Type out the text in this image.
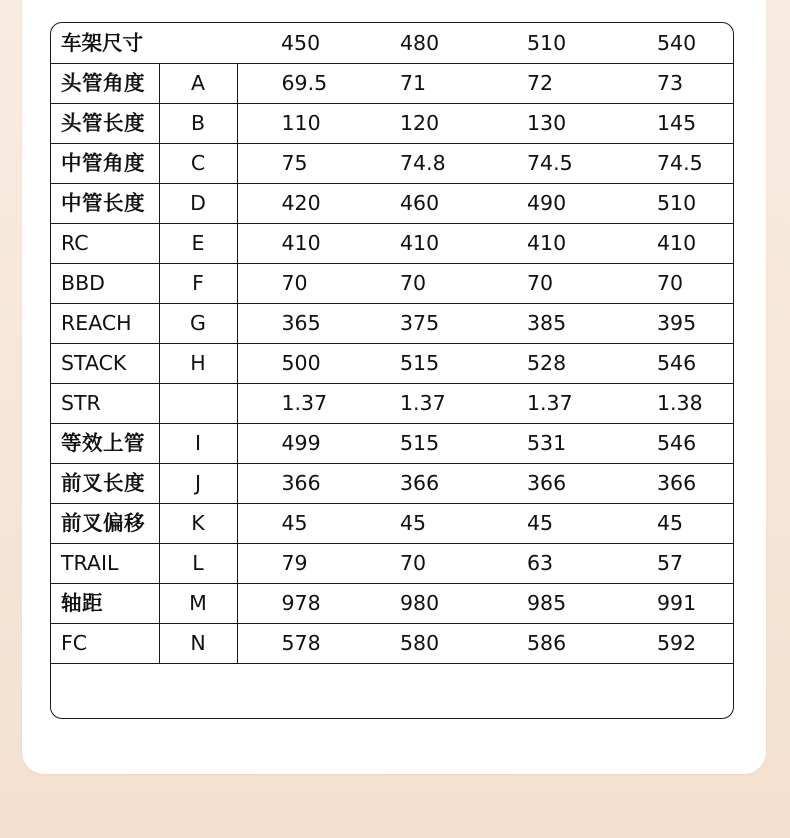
车架尺寸		450	480	510	540
头管角度	A	69.5	71	72	73
头管长度	B	110	120	130	145
中管角度	C	75	74.8	74.5	74.5
中管长度	D	420	460	490	510
RC	E	410	410	410	410
BBD	F	70	70	70	70
REACH	G	365	375	385	395
STACK	H	500	515	528	546
STR		1.37	1.37	1.37	1.38
等效上管	I	499	515	531	546
前叉长度	J	366	366	366	366
前叉偏移	K	45	45	45	45
TRAIL	L	79	70	63	57
轴距	M	978	980	985	991
FC	N	578	580	586	592
